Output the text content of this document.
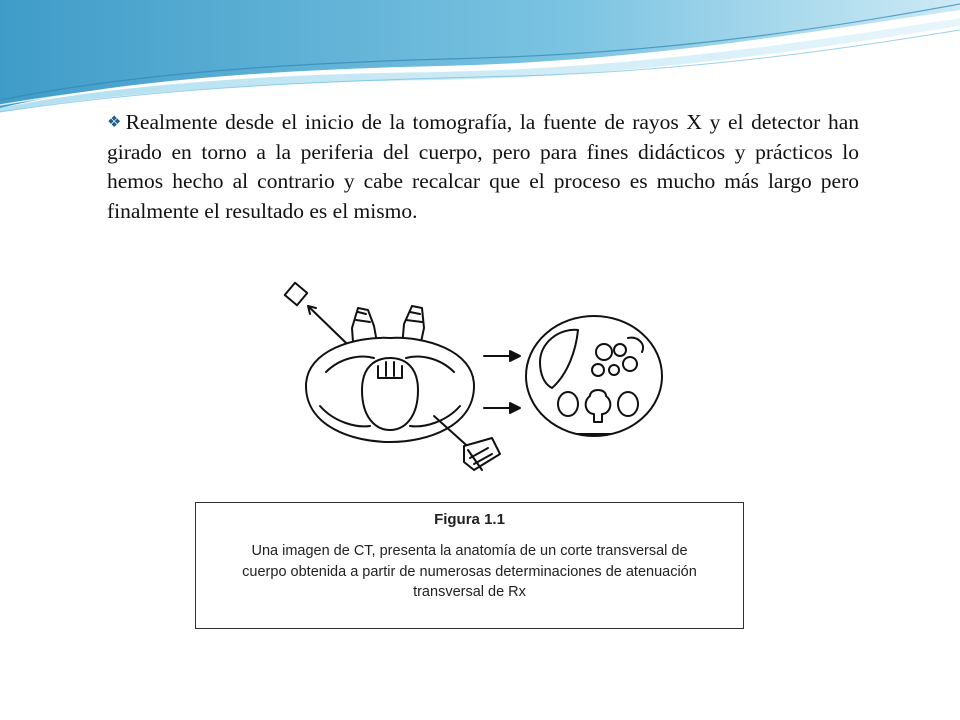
❖Realmente desde el inicio de la tomografía, la fuente de rayos X y el detector han girado en torno a la periferia del cuerpo, pero para fines didácticos y prácticos lo hemos hecho al contrario y cabe recalcar que el proceso es mucho más largo pero finalmente el resultado es el mismo.

Figura 1.1
Una imagen de CT, presenta la anatomía de un corte transversal de cuerpo obtenida a partir de numerosas determinaciones de atenuación transversal de Rx
